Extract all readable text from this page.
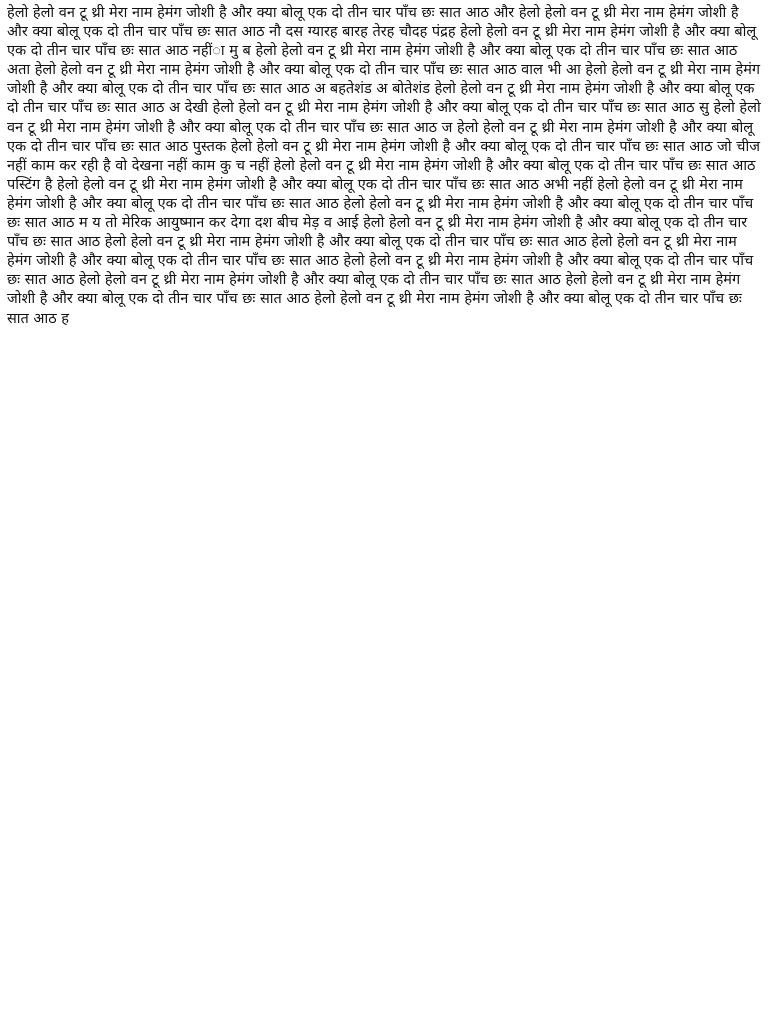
हेलो हेलो वन टू थ्री मेरा नाम हेमंग जोशी है और क्या बोलू एक दो तीन चार पाँच छः सात आठ और हेलो हेलो वन टू थ्री मेरा नाम हेमंग जोशी है और क्या बोलू एक दो तीन चार पाँच छः सात आठ नौ दस ग्यारह बारह तेरह चौदह पंद्रह हेलो हेलो वन टू थ्री मेरा नाम हेमंग जोशी है और क्या बोलू एक दो तीन चार पाँच छः सात आठ नहींा मु ब हेलो हेलो वन टू थ्री मेरा नाम हेमंग जोशी है और क्या बोलू एक दो तीन चार पाँच छः सात आठ अता हेलो हेलो वन टू थ्री मेरा नाम हेमंग जोशी है और क्या बोलू एक दो तीन चार पाँच छः सात आठ वाल भी आ हेलो हेलो वन टू थ्री मेरा नाम हेमंग जोशी है और क्या बोलू एक दो तीन चार पाँच छः सात आठ अ बहतेशंड अ बोतेशंड हेलो हेलो वन टू थ्री मेरा नाम हेमंग जोशी है और क्या बोलू एक दो तीन चार पाँच छः सात आठ अ देखी हेलो हेलो वन टू थ्री मेरा नाम हेमंग जोशी है और क्या बोलू एक दो तीन चार पाँच छः सात आठ सु हेलो हेलो वन टू थ्री मेरा नाम हेमंग जोशी है और क्या बोलू एक दो तीन चार पाँच छः सात आठ ज हेलो हेलो वन टू थ्री मेरा नाम हेमंग जोशी है और क्या बोलू एक दो तीन चार पाँच छः सात आठ पुस्तक हेलो हेलो वन टू थ्री मेरा नाम हेमंग जोशी है और क्या बोलू एक दो तीन चार पाँच छः सात आठ जो चीज नहीं काम कर रही है वो देखना नहीं काम कु च नहीं हेलो हेलो वन टू थ्री मेरा नाम हेमंग जोशी है और क्या बोलू एक दो तीन चार पाँच छः सात आठ पस्टिंग है हेलो हेलो वन टू थ्री मेरा नाम हेमंग जोशी है और क्या बोलू एक दो तीन चार पाँच छः सात आठ अभी नहीं हेलो हेलो वन टू थ्री मेरा नाम हेमंग जोशी है और क्या बोलू एक दो तीन चार पाँच छः सात आठ हेलो हेलो वन टू थ्री मेरा नाम हेमंग जोशी है और क्या बोलू एक दो तीन चार पाँच छः सात आठ म य तो मेरिक आयुष्मान कर देगा दश बीच मेड़ व आई हेलो हेलो वन टू थ्री मेरा नाम हेमंग जोशी है और क्या बोलू एक दो तीन चार पाँच छः सात आठ हेलो हेलो वन टू थ्री मेरा नाम हेमंग जोशी है और क्या बोलू एक दो तीन चार पाँच छः सात आठ हेलो हेलो वन टू थ्री मेरा नाम हेमंग जोशी है और क्या बोलू एक दो तीन चार पाँच छः सात आठ हेलो हेलो वन टू थ्री मेरा नाम हेमंग जोशी है और क्या बोलू एक दो तीन चार पाँच छः सात आठ हेलो हेलो वन टू थ्री मेरा नाम हेमंग जोशी है और क्या बोलू एक दो तीन चार पाँच छः सात आठ हेलो हेलो वन टू थ्री मेरा नाम हेमंग जोशी है और क्या बोलू एक दो तीन चार पाँच छः सात आठ हेलो हेलो वन टू थ्री मेरा नाम हेमंग जोशी है और क्या बोलू एक दो तीन चार पाँच छः सात आठ ह
